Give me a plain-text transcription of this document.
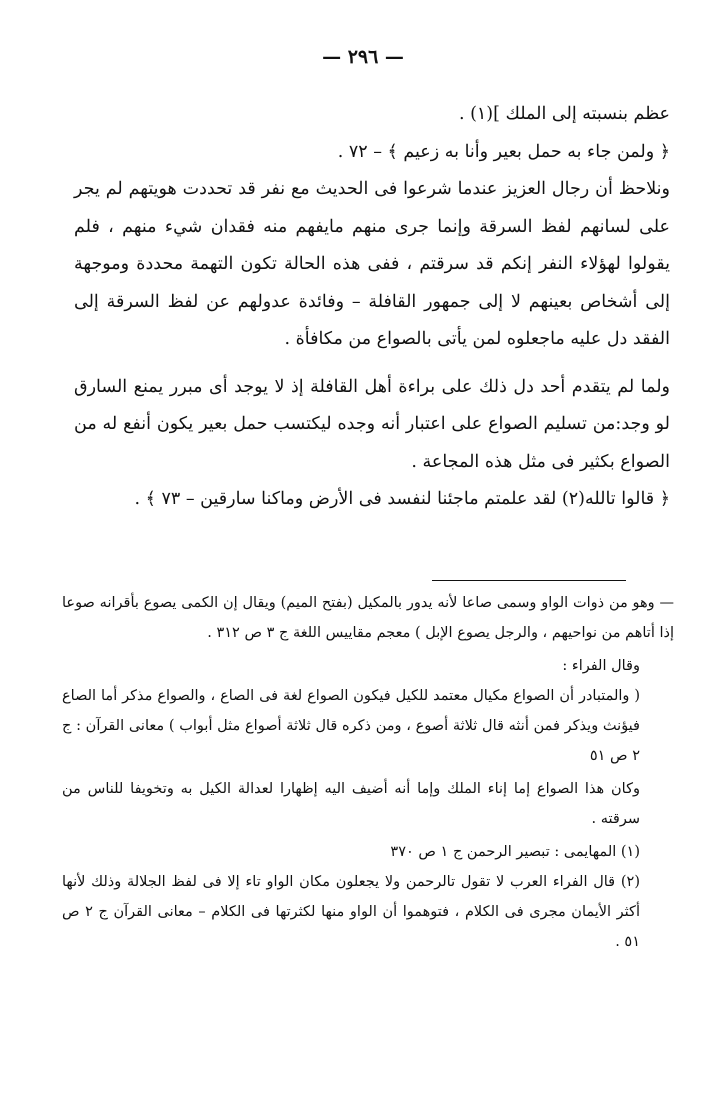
— ٢٩٦ —

عظم بنسبته إلى الملك ](١) .

﴿ ولمن جاء به حمل بعير وأنا به زعيم ﴾ – ٧٢ .

ونلاحظ أن رجال العزيز عندما شرعوا فى الحديث مع نفر قد تحددت هويتهم لم يجر على لسانهم لفظ السرقة وإنما جرى منهم مايفهم منه فقدان شيء منهم ، فلم يقولوا لهؤلاء النفر إنكم قد سرقتم ، ففى هذه الحالة تكون التهمة محددة وموجهة إلى أشخاص بعينهم لا إلى جمهور القافلة – وفائدة عدولهم عن لفظ السرقة إلى الفقد دل عليه ماجعلوه لمن يأتى بالصواع من مكافأة .

ولما لم يتقدم أحد دل ذلك على براءة أهل القافلة إذ لا يوجد أى مبرر يمنع السارق لو وجد:من تسليم الصواع على اعتبار أنه وجده ليكتسب حمل بعير يكون أنفع له من الصواع بكثير فى مثل هذه المجاعة .

﴿ قالوا تالله(٢) لقد علمتم ماجئنا لنفسد فى الأرض وماكنا سارقين – ٧٣ ﴾ .

— وهو من ذوات الواو وسمى صاعا لأنه يدور بالمكيل (بفتح الميم) ويقال إن الكمى يصوع بأقرانه صوعا إذا أتاهم من نواحيهم ، والرجل يصوع الإبل ) معجم مقاييس اللغة ج ٣ ص ٣١٢ .

وقال الفراء :

( والمتبادر أن الصواع مكيال معتمد للكيل فيكون الصواع لغة فى الصاع ، والصواع مذكر أما الصاع فيؤنث ويذكر فمن أنثه قال ثلاثة أصوع ، ومن ذكره قال ثلاثة أصواع مثل أبواب ) معانى القرآن : ج ٢ ص ٥١

وكان هذا الصواع إما إناء الملك وإما أنه أضيف اليه إظهارا لعدالة الكيل به وتخويفا للناس من سرقته .

(١) المهايمى : تبصير الرحمن ج ١ ص ٣٧٠

(٢) قال الفراء العرب لا تقول تالرحمن ولا يجعلون مكان الواو تاء إلا فى لفظ الجلالة وذلك لأنها أكثر الأيمان مجرى فى الكلام ، فتوهموا أن الواو منها لكثرتها فى الكلام – معانى القرآن ج ٢ ص ٥١ .
